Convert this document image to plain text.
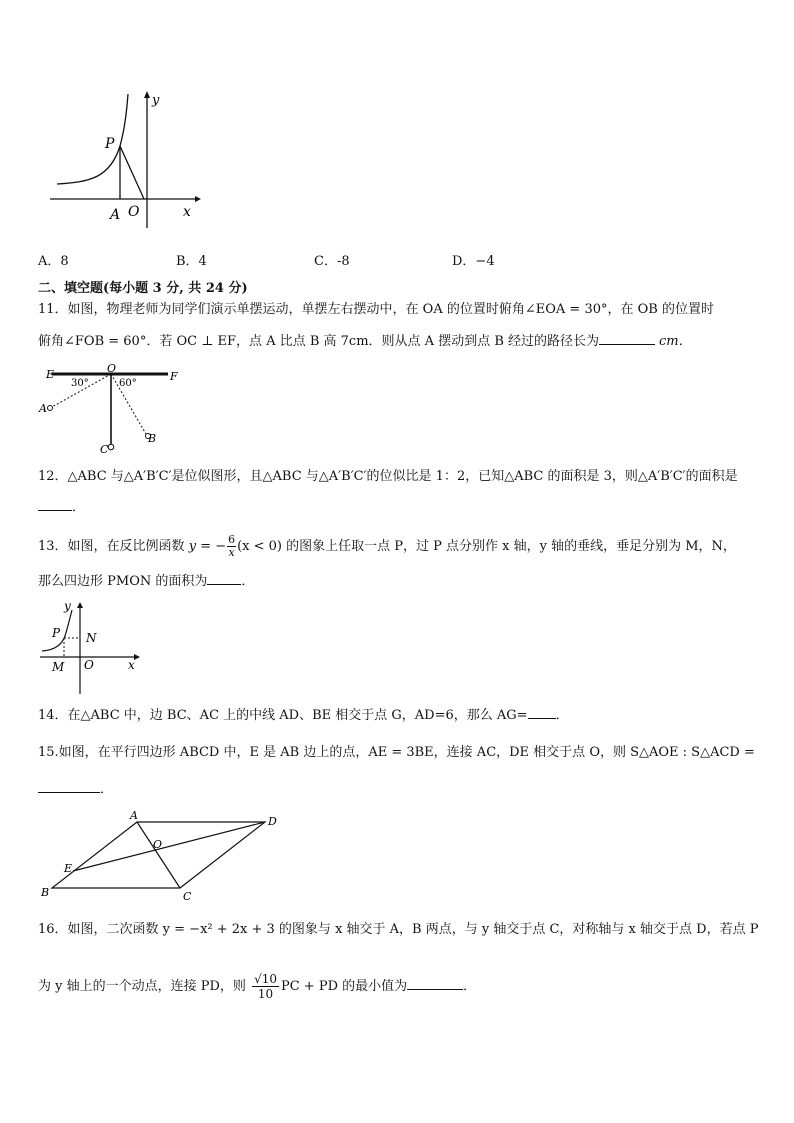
y
x
P
A O
A．8	B．4	C．-8	D．−4
二、填空题(每小题 3 分, 共 24 分)
11．如图，物理老师为同学们演示单摆运动，单摆左右摆动中，在 OA 的位置时俯角∠EOA = 30°，在 OB 的位置时
俯角∠FOB = 60°．若 OC ⊥ EF，点 A 比点 B 高 7cm．则从点 A 摆动到点 B 经过的路径长为	cm．
E	F
O
A
B
C
30°	60°
12．△ABC 与△A′B′C′是位似图形，且△ABC 与△A′B′C′的位似比是 1：2，已知△ABC 的面积是 3，则△A′B′C′的面积是
．
13．如图，在反比例函数 y = − $\frac{6}{x} (x < 0)$ 的图象上任取一点 P，过 P 点分别作 x 轴，y 轴的垂线，垂足分别为 M，N，
那么四边形 PMON 的面积为	．
y
x
P N
M O
14．在△ABC 中，边 BC、AC 上的中线 AD、BE 相交于点 G，AD=6，那么 AG= ．
15.如图，在平行四边形 ABCD 中，E 是 AB 边上的点，AE = 3BE，连接 AC，DE 相交于点 O，则 S△AOE : S△ACD =
．
A
B	C
D
E
O
16．如图，二次函数 y = −x² + 2x + 3 的图象与 x 轴交于 A，B 两点，与 y 轴交于点 C，对称轴与 x 轴交于点 D，若点 P
为 y 轴上的一个动点，连接 PD，则 $\frac{√10}{10}$ PC + PD 的最小值为	．
